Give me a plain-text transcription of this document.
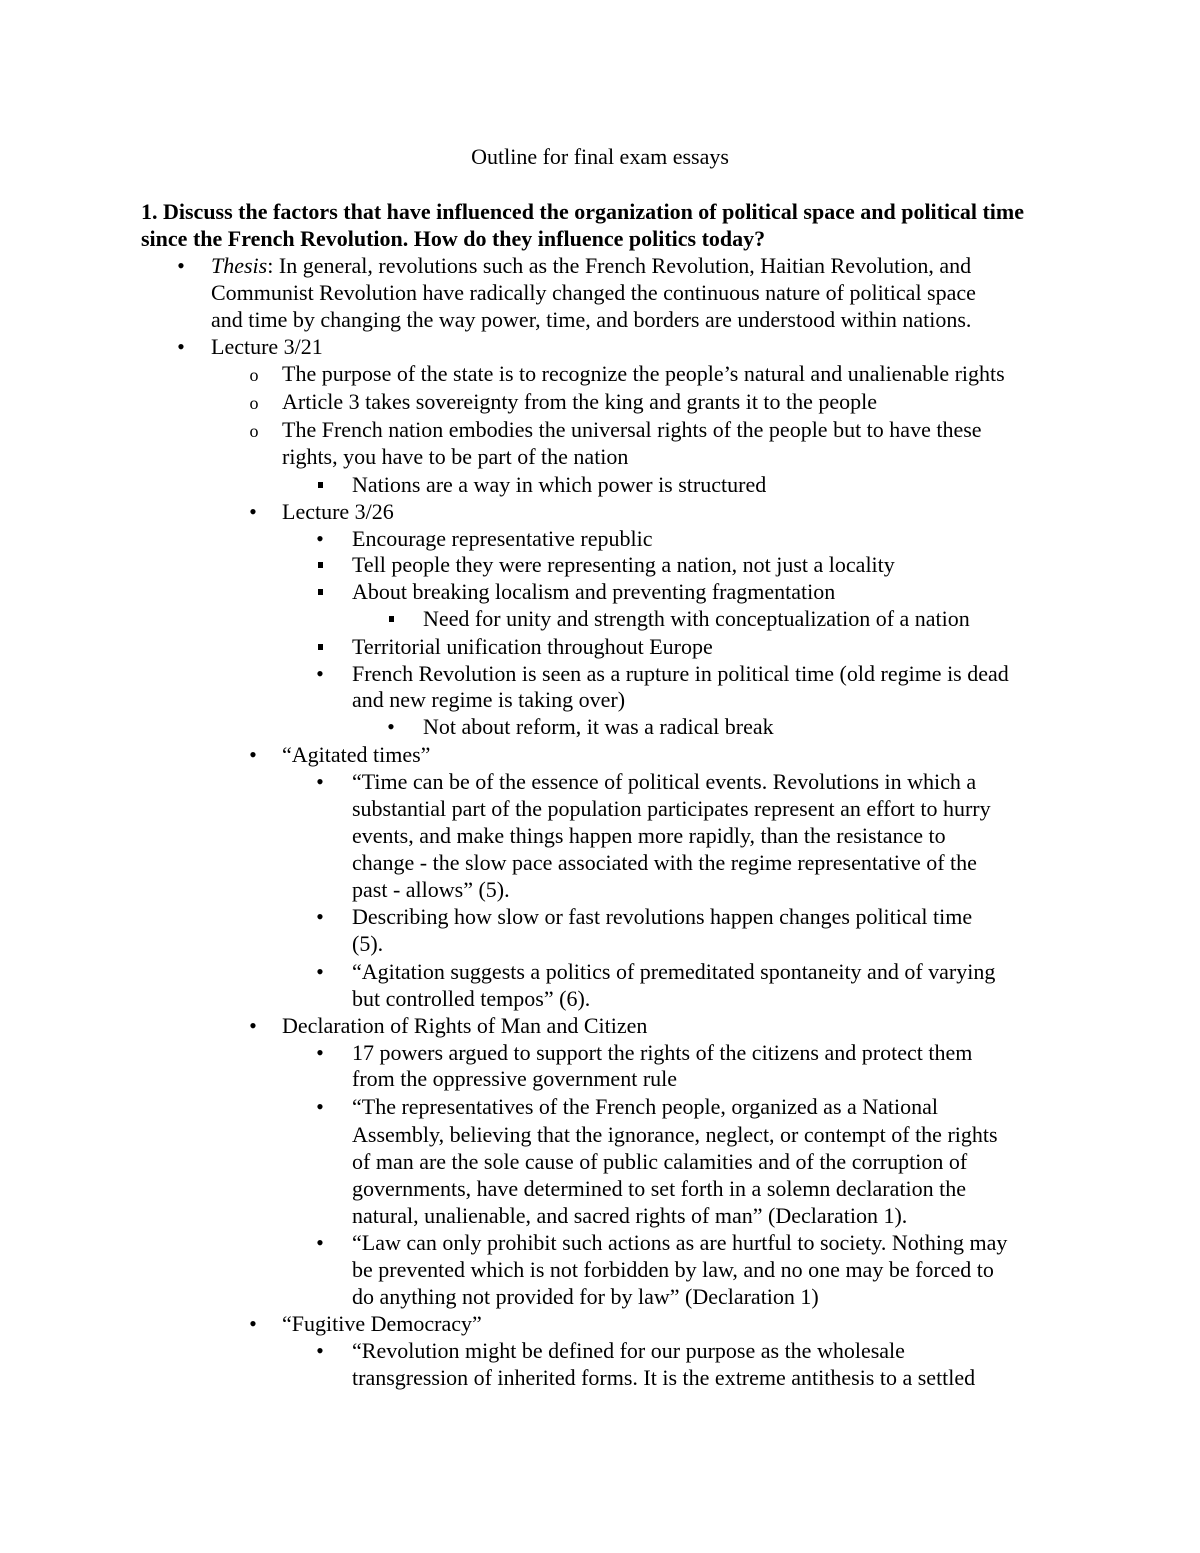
Outline for final exam essays
1. Discuss the factors that have influenced the organization of political space and political time since the French Revolution. How do they influence politics today?
•
Thesis: In general, revolutions such as the French Revolution, Haitian Revolution, and
Communist Revolution have radically changed the continuous nature of political space
and time by changing the way power, time, and borders are understood within nations.
•
Lecture 3/21
o
The purpose of the state is to recognize the people’s natural and unalienable rights
o
Article 3 takes sovereignty from the king and grants it to the people
o
The French nation embodies the universal rights of the people but to have these
rights, you have to be part of the nation
Nations are a way in which power is structured
•
Lecture 3/26
•
Encourage representative republic
Tell people they were representing a nation, not just a locality
About breaking localism and preventing fragmentation
Need for unity and strength with conceptualization of a nation
Territorial unification throughout Europe
•
French Revolution is seen as a rupture in political time (old regime is dead
and new regime is taking over)
•
Not about reform, it was a radical break
•
“Agitated times”
•
“Time can be of the essence of political events. Revolutions in which a
substantial part of the population participates represent an effort to hurry
events, and make things happen more rapidly, than the resistance to
change - the slow pace associated with the regime representative of the
past - allows” (5).
•
Describing how slow or fast revolutions happen changes political time
(5).
•
“Agitation suggests a politics of premeditated spontaneity and of varying
but controlled tempos” (6).
•
Declaration of Rights of Man and Citizen
•
17 powers argued to support the rights of the citizens and protect them
from the oppressive government rule
•
“The representatives of the French people, organized as a National
Assembly, believing that the ignorance, neglect, or contempt of the rights
of man are the sole cause of public calamities and of the corruption of
governments, have determined to set forth in a solemn declaration the
natural, unalienable, and sacred rights of man” (Declaration 1).
•
“Law can only prohibit such actions as are hurtful to society. Nothing may
be prevented which is not forbidden by law, and no one may be forced to
do anything not provided for by law” (Declaration 1)
•
“Fugitive Democracy”
•
“Revolution might be defined for our purpose as the wholesale
transgression of inherited forms. It is the extreme antithesis to a settled
